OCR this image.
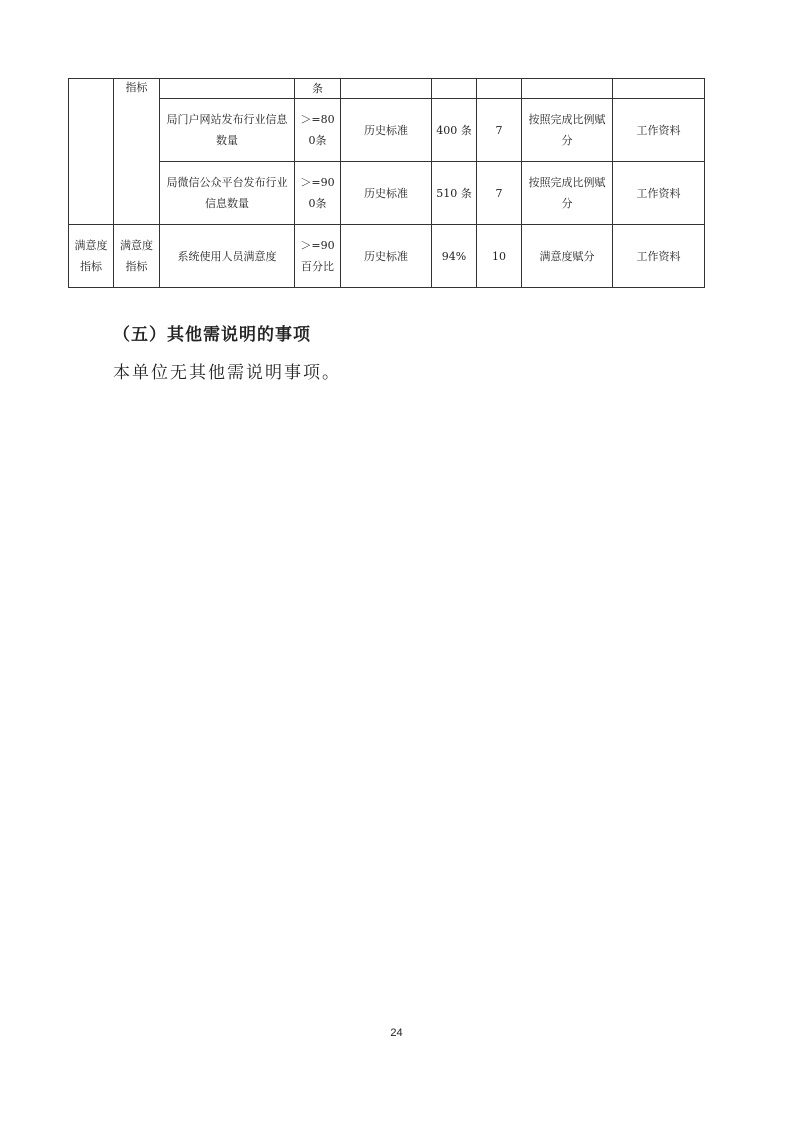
	指标		条					
		局门户网站发布行业信息数量	＞=800条	历史标准	400 条	7	按照完成比例赋分	工作资料
		局微信公众平台发布行业信息数量	＞=900条	历史标准	510 条	7	按照完成比例赋分	工作资料
满意度指标	满意度指标	系统使用人员满意度	＞=90百分比	历史标准	94%	10	满意度赋分	工作资料
（五）其他需说明的事项
本单位无其他需说明事项。
24
